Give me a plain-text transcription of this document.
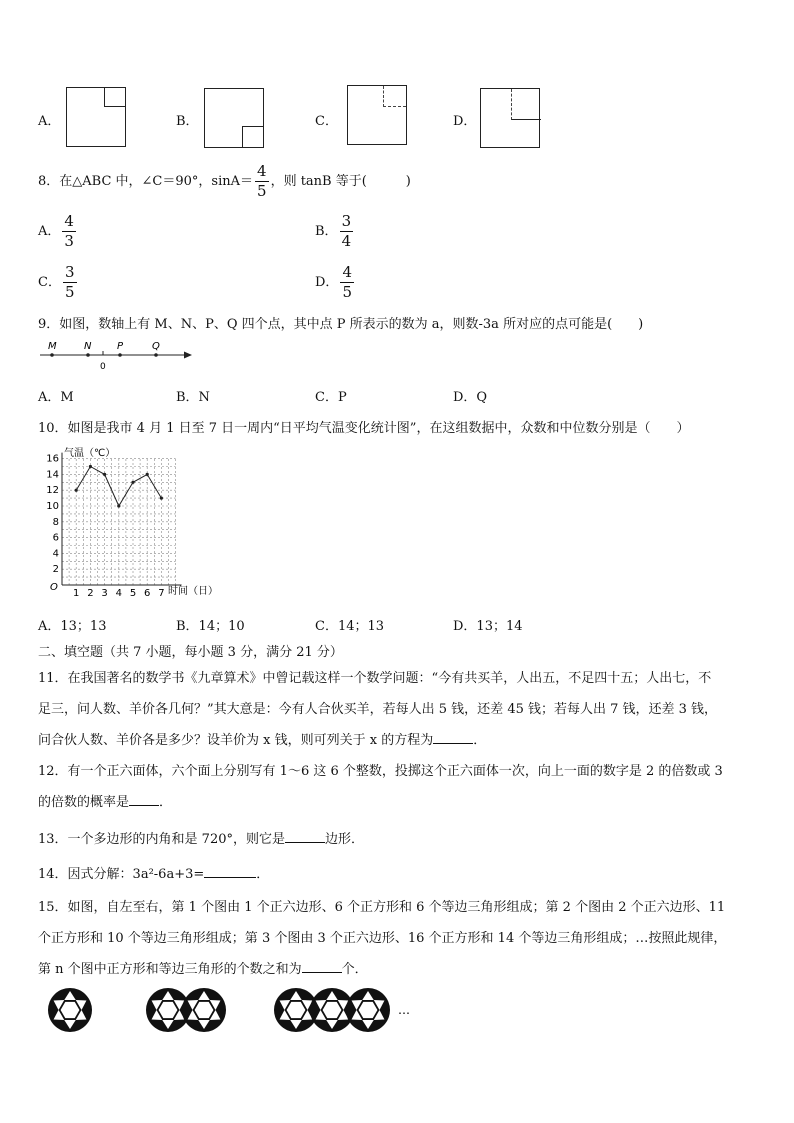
A．	B．	C．	D．
8．在△ABC 中，∠C＝90°，$\sin A= \frac{4}{5}$ ，则 tanB 等于(　　　)
A． $\frac{4}{3}$	B． $\frac{3}{4}$
C． $\frac{3}{5}$	D． $\frac{4}{5}$
9．如图，数轴上有 M、N、P、Q 四个点，其中点 P 所表示的数为 a，则数-3a 所对应的点可能是(　　)
M	N	P	Q
0
A．M	B．N	C．P	D．Q
10．如图是我市 4 月 1 日至 7 日一周内“日平均气温变化统计图”，在这组数据中，众数和中位数分别是（　　）
2
4
6
8
10
12
14
16
1 2 3 4 5 6 7
气温（℃）
时间（日）
O
A．13；13	B．14；10	C．14；13	D．13；14
二、填空题（共 7 小题，每小题 3 分，满分 21 分）
11．在我国著名的数学书《九章算术》中曾记载这样一个数学问题：“今有共买羊，人出五，不足四十五；人出七，不
足三，问人数、羊价各几何？”其大意是：今有人合伙买羊，若每人出 5 钱，还差 45 钱；若每人出 7 钱，还差 3 钱，
问合伙人数、羊价各是多少？设羊价为 x 钱，则可列关于 x 的方程为	．
12．有一个正六面体，六个面上分别写有 1～6 这 6 个整数，投掷这个正六面体一次，向上一面的数字是 2 的倍数或 3
的倍数的概率是 ．
13．一个多边形的内角和是 720°，则它是	边形．
14．因式分解：3a²-6a+3=	．
15．如图，自左至右，第 1 个图由 1 个正六边形、6 个正方形和 6 个等边三角形组成；第 2 个图由 2 个正六边形、11
个正方形和 10 个等边三角形组成；第 3 个图由 3 个正六边形、16 个正方形和 14 个等边三角形组成；…按照此规律，
第 n 个图中正方形和等边三角形的个数之和为	个．
…
